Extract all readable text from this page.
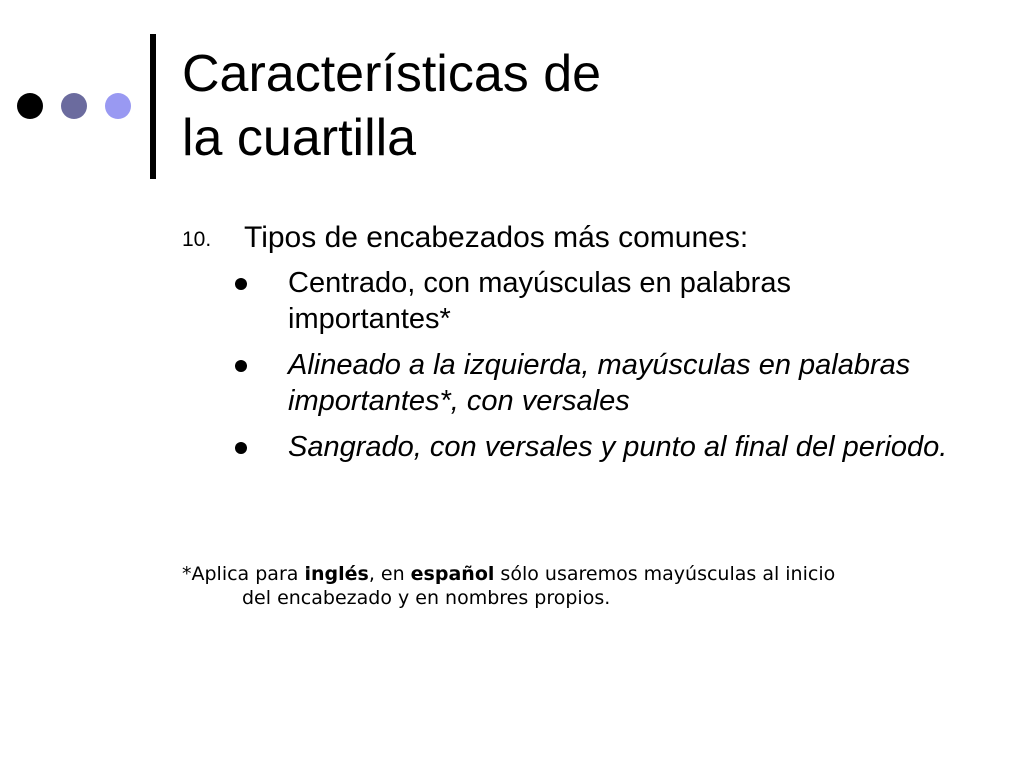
Características de
la cuartilla
10. Tipos de encabezados más comunes:
Centrado, con mayúsculas en palabras importantes*
Alineado a la izquierda, mayúsculas en palabras importantes*, con versales
Sangrado, con versales y punto al final del periodo.
*Aplica para inglés, en español sólo usaremos mayúsculas al inicio
del encabezado y en nombres propios.
